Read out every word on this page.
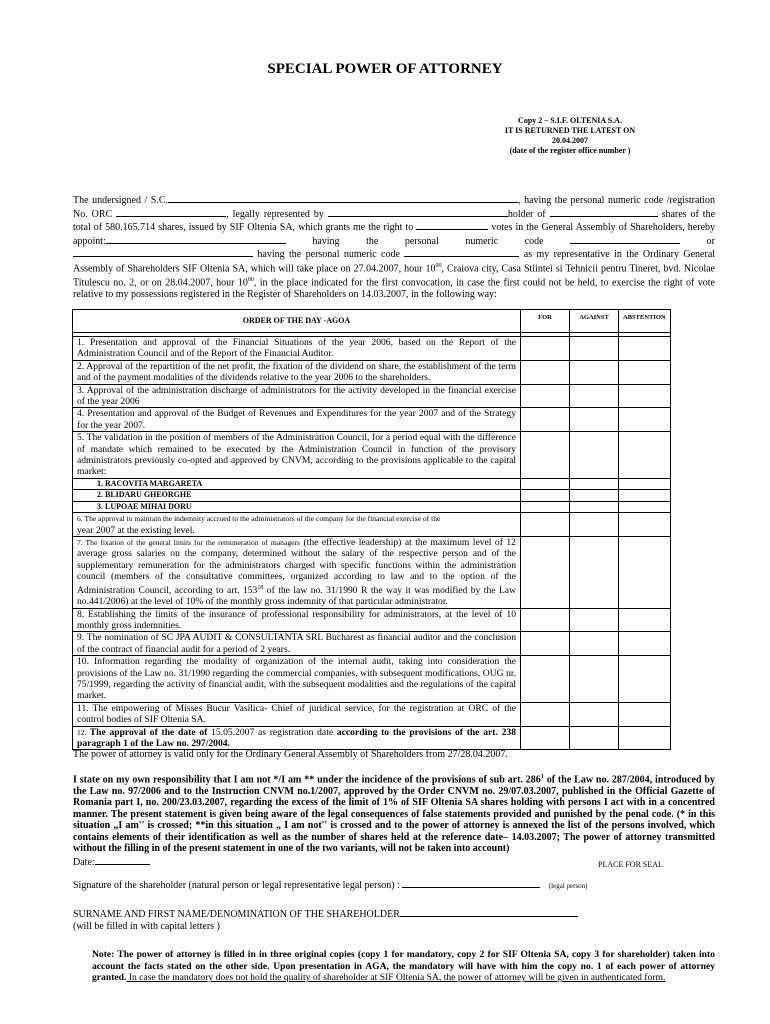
SPECIAL POWER OF ATTORNEY
Copy 2 – S.I.F. OLTENIA S.A.
IT IS RETURNED THE LATEST ON
20.04.2007
(date of the register office number )

The undersigned / S.C.	, having the personal numeric code /registration No. ORC	, legally represented by	holder of	shares of the total of 580.165.714 shares, issued by SIF Oltenia SA, which grants me the right to	votes in the General Assembly of Shareholders, hereby appoint:	having the personal numeric code	or  having the personal numeric code	as my representative in the Ordinary General Assembly of Shareholders SIF Oltenia SA, which will take place on 27.04.2007, hour $10^{00}$, Craiova city, Casa Stiintei si Tehnicii pentru Tineret, bvd. Nicolae Titulescu no. 2, or on 28.04.2007, hour $10^{00}$, in the place indicated for the first convocation, in case the first could not be held, to exercise the right of vote relative to my possessions registered in the Register of Shareholders on 14.03.2007, in the following way:

ORDER OF THE DAY -AGOA	FOR	AGAINST	ABSTENTION

1. Presentation and approval of the Financial Situations of the year 2006, based on the Report of the Administration Council and of the Report of the Financial Auditor.			
2. Approval of the repartition of the net profit, the fixation of the dividend on share, the establishment of the term and of the payment modalities of the dividends relative to the year 2006 to the shareholders.			
3. Approval of the administration discharge of administrators for the activity developed in the financial exercise of the year 2006			
4. Presentation and approval of the Budget of Revenues and Expenditures for the year 2007 and of the Strategy for the year 2007.			
5. The validation in the position of members of the Administration Council, for a period equal with the difference of mandate which remained to be executed by the Administration Council in function of the provisory administrators previously co-opted and approved by CNVM, according to the provisions applicable to the capital market:			
1. RACOVITA MARGARETA			
2. BLIDARU GHEORGHE			
3. LUPOAE MIHAI DORU			
6. The approval to maintain the indemnity accrued to the administrators of the company for the financial exercise of the
year 2007 at the existing level.			
7. The fixation of the general limits for the remuneration of managers (the effective leadership) at the maximum level of 12 average gross salaries on the company, determined without the salary of the respective person and of the supplementary remuneration for the administrators charged with specific functions within the administration council (members of the consultative committees, organized according to law and to the option of the Administration Council, according to art. $153^{18}$ of the law no. 31/1990 R the way it was modified by the Law no.441/2006) at the level of 10% of the monthly gross indemnity of that particular administrator.			
8. Establishing the limits of the insurance of professional responsibility for administrators, at the level of 10 monthly gross indemnities.			
9. The nomination of SC JPA AUDIT & CONSULTANTA SRL Bucharest as financial auditor and the conclusion of the contract of financial audit for a period of 2 years.			
10. Information regarding the modality of organization of the internal audit, taking into consideration the provisions of the Law no. 31/1990 regarding the commercial companies, with subsequent modifications, OUG nr. 75/1999, regarding the activity of financial audit, with the subsequent modalities and the regulations of the capital market.			
11. The empowering of Misses Bucur Vasilica- Chief of juridical service, for the registration at ORC of the control bodies of SIF Oltenia SA.			
12. The approval of the date of 15.05.2007 as registration date according to the provisions of the art. 238 paragraph 1 of the Law no. 297/2004.			
The power of attorney is valid only for the Ordinary General Assembly of Shareholders from 27/28.04.2007.
I state on my own responsibility that I am not */I am ** under the incidence of the provisions of sub art. $286^1$ of the Law no. 287/2004, introduced by the Law no. 97/2006 and to the Instruction CNVM no.1/2007, approved by the Order CNVM no. 29/07.03.2007, published in the Official Gazette of Romania part I, no. 200/23.03.2007, regarding the excess of the limit of 1% of SIF Oltenia SA shares holding with persons I act with in a concentred manner. The present statement is given being aware of the legal consequences of false statements provided and punished by the penal code. (* in this situation „I am'' is crossed; **in this situation „ I am not'' is crossed and to the power of attorney is annexed the list of the persons involved, which contains elements of their identification as well as the number of shares held at the reference date– 14.03.2007; The power of attorney transmitted without the filling in of the present statement in one of the two variants, will not be taken into account)
Date:	PLACE FOR SEAL
Signature of the shareholder (natural person or legal representative legal person) :	(legal person)
SURNAME AND FIRST NAME/DENOMINATION OF THE SHAREHOLDER
(will be filled in with capital letters )
Note: The power of attorney is filled in in three original copies (copy 1 for mandatory, copy 2 for SIF Oltenia SA, copy 3 for shareholder) taken into account the facts stated on the other side. Upon presentation in AGA, the mandatory will have with him the copy no. 1 of each power of attorney granted. In case the mandatory does not hold the quality of shareholder at SIF Oltenia SA, the power of attorney will be given in authenticated form.
